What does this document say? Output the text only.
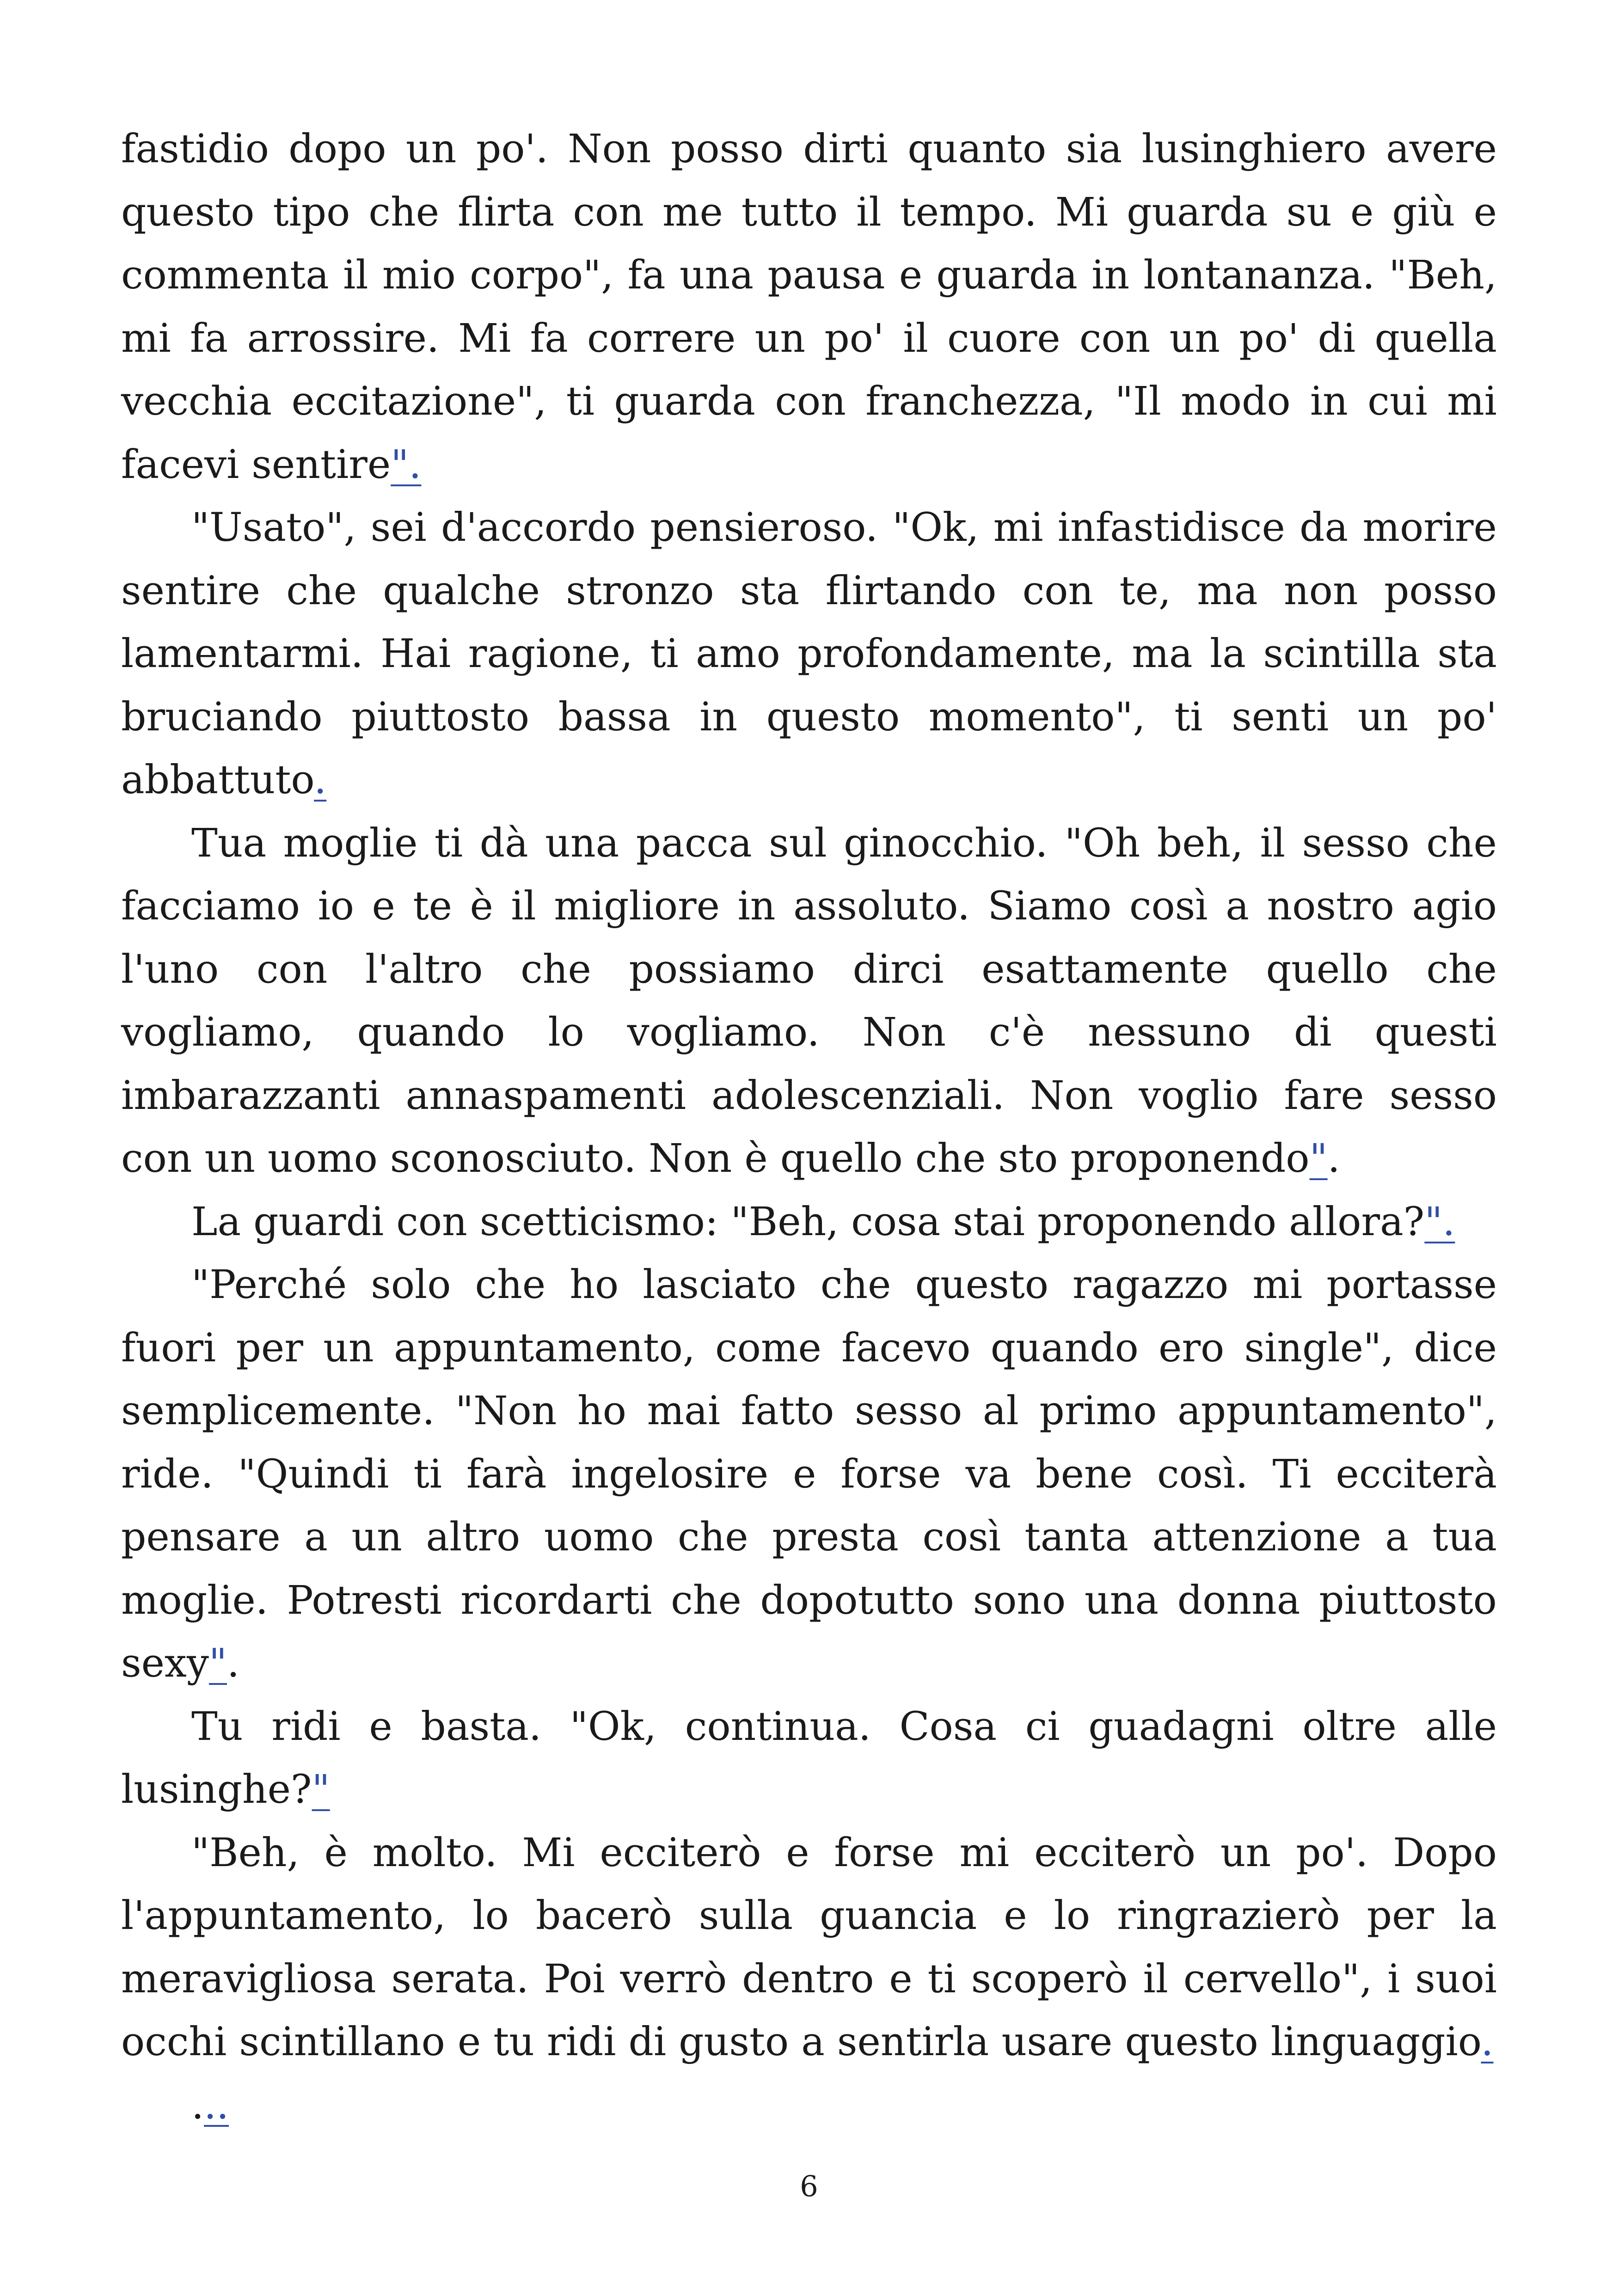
fastidio dopo un po'. Non posso dirti quanto sia lusinghiero avere questo tipo che flirta con me tutto il tempo. Mi guarda su e giù e commenta il mio corpo", fa una pausa e guarda in lontananza. "Beh, mi fa arrossire. Mi fa correre un po' il cuore con un po' di quella vecchia eccitazione", ti guarda con franchezza, "Il modo in cui mi facevi sentire".

"Usato", sei d'accordo pensieroso. "Ok, mi infastidisce da morire sentire che qualche stronzo sta flirtando con te, ma non posso lamentarmi. Hai ragione, ti amo profondamente, ma la scintilla sta bruciando piuttosto bassa in questo momento", ti senti un po' abbattuto.

Tua moglie ti dà una pacca sul ginocchio. "Oh beh, il sesso che facciamo io e te è il migliore in assoluto. Siamo così a nostro agio l'uno con l'altro che possiamo dirci esattamente quello che vogliamo, quando lo vogliamo. Non c'è nessuno di questi imbarazzanti annaspamenti adolescenziali. Non voglio fare sesso con un uomo sconosciuto. Non è quello che sto proponendo".

La guardi con scetticismo: "Beh, cosa stai proponendo allora?".

"Perché solo che ho lasciato che questo ragazzo mi portasse fuori per un appuntamento, come facevo quando ero single", dice semplicemente. "Non ho mai fatto sesso al primo appuntamento", ride. "Quindi ti farà ingelosire e forse va bene così. Ti ecciterà pensare a un altro uomo che presta così tanta attenzione a tua moglie. Potresti ricordarti che dopotutto sono una donna piuttosto sexy".

Tu ridi e basta. "Ok, continua. Cosa ci guadagni oltre alle lusinghe?"

"Beh, è molto. Mi ecciterò e forse mi ecciterò un po'. Dopo l'appuntamento, lo bacerò sulla guancia e lo ringrazierò per la meravigliosa serata. Poi verrò dentro e ti scoperò il cervello", i suoi occhi scintillano e tu ridi di gusto a sentirla usare questo linguaggio.

...

6
